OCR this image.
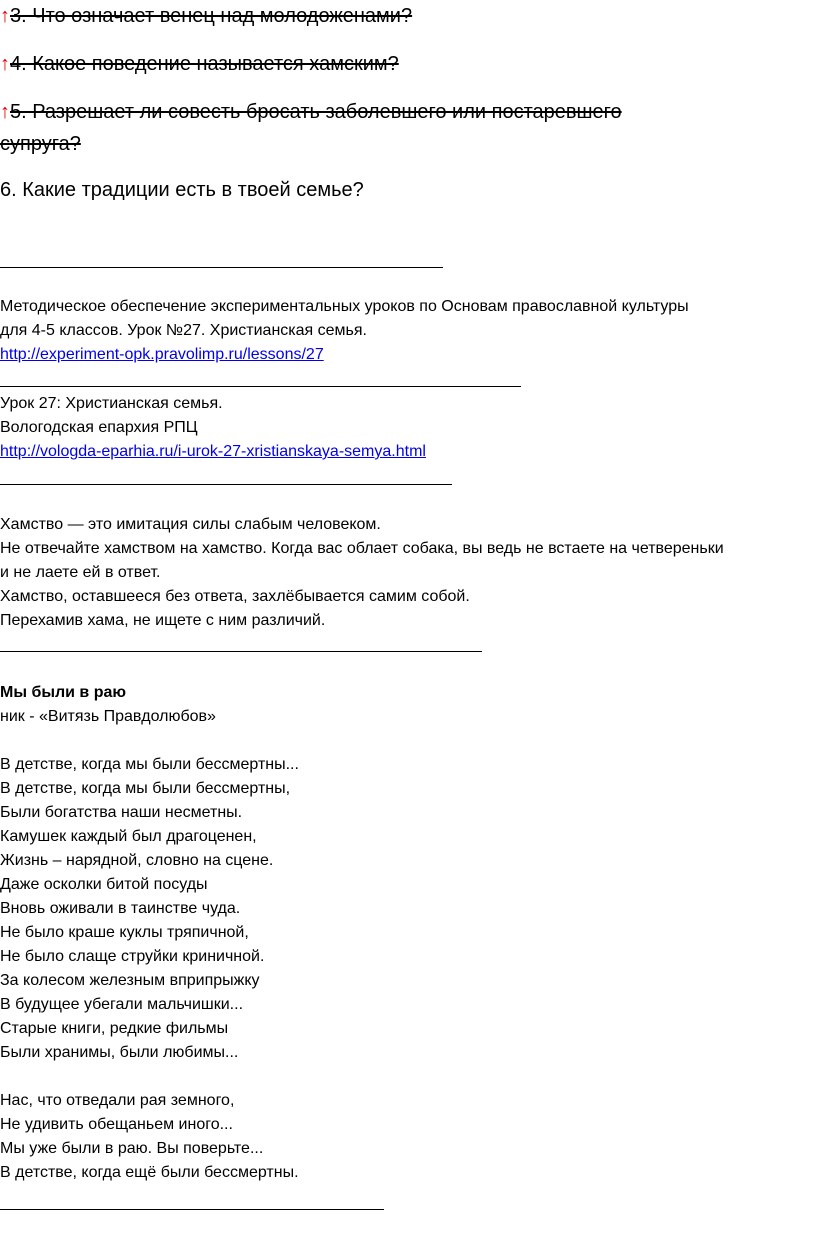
↑3. Что означает венец над молодоженами?
↑4. Какое поведение называется хамским?
↑5. Разрешает ли совесть бросать заболевшего или постаревшего
супруга?
6. Какие традиции есть в твоей семье?
Методическое обеспечение экспериментальных уроков по Основам православной культуры
для 4-5 классов. Урок №27. Христианская семья.
http://experiment-opk.pravolimp.ru/lessons/27
Урок 27: Христианская семья.
Вологодская епархия РПЦ
http://vologda-eparhia.ru/i-urok-27-xristianskaya-semya.html
Хамство — это имитация силы слабым человеком.
Не отвечайте хамством на хамство. Когда вас облает собака, вы ведь не встаете на четвереньки
и не лаете ей в ответ.
Хамство, оставшееся без ответа, захлёбывается самим собой.
Перехамив хама, не ищете с ним различий.
Мы были в раю
ник - «Витязь Правдолюбов»
В детстве, когда мы были бессмертны...
В детстве, когда мы были бессмертны,
Были богатства наши несметны.
Камушек каждый был драгоценен,
Жизнь – нарядной, словно на сцене.
Даже осколки битой посуды
Вновь оживали в таинстве чуда.
Не было краше куклы тряпичной,
Не было слаще струйки криничной.
За колесом железным вприпрыжку
В будущее убегали мальчишки...
Старые книги, редкие фильмы
Были хранимы, были любимы...
Нас, что отведали рая земного,
Не удивить обещаньем иного...
Мы уже были в раю. Вы поверьте...
В детстве, когда ещё были бессмертны.
